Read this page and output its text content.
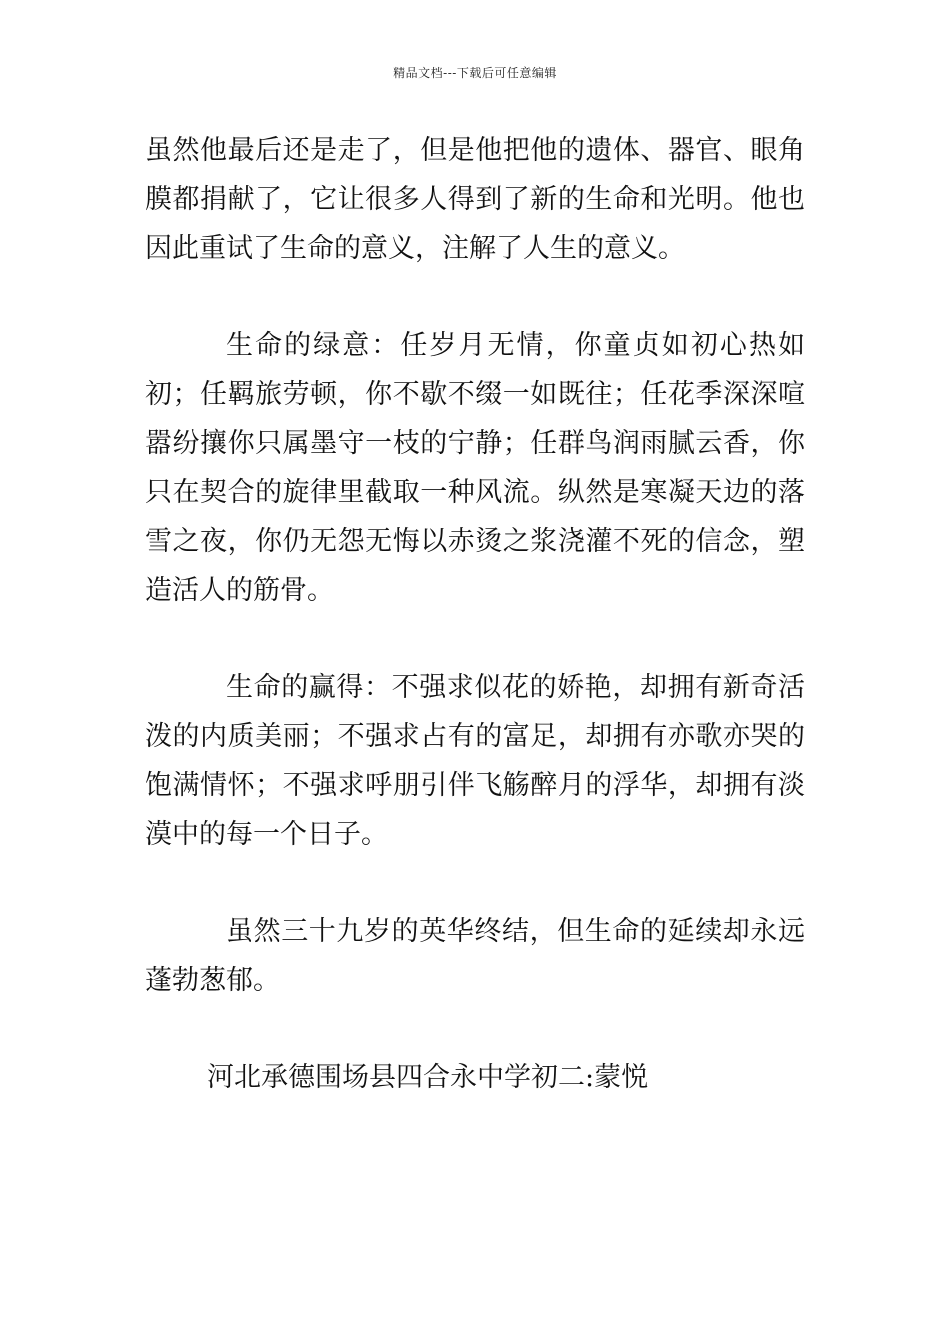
精品文档---下载后可任意编辑

虽然他最后还是走了，但是他把他的遗体、器官、眼角膜都捐献了，它让很多人得到了新的生命和光明。他也因此重试了生命的意义，注解了人生的意义。

生命的绿意：任岁月无情，你童贞如初心热如初；任羁旅劳顿，你不歇不缀一如既往；任花季深深喧嚣纷攘你只属墨守一枝的宁静；任群鸟润雨腻云香，你只在契合的旋律里截取一种风流。纵然是寒凝天边的落雪之夜，你仍无怨无悔以赤烫之浆浇灌不死的信念，塑造活人的筋骨。

生命的赢得：不强求似花的娇艳，却拥有新奇活泼的内质美丽；不强求占有的富足，却拥有亦歌亦哭的饱满情怀；不强求呼朋引伴飞觞醉月的浮华，却拥有淡漠中的每一个日子。

虽然三十九岁的英华终结，但生命的延续却永远蓬勃葱郁。

河北承德围场县四合永中学初二:蒙悦
